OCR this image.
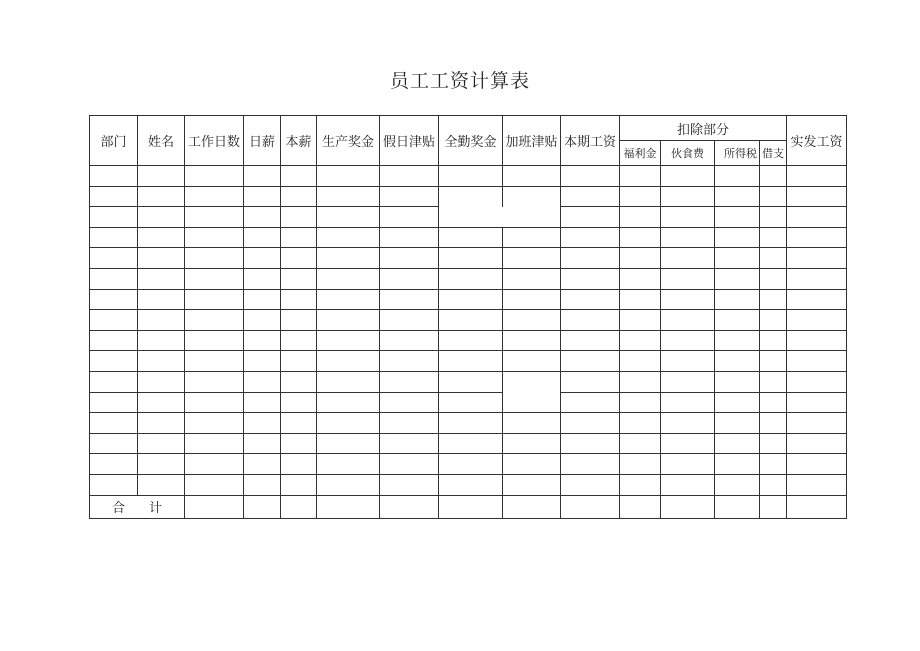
员工工资计算表
部门	姓名	工作日数	日薪	本薪	生产奖金	假日津贴	全勤奖金	加班津贴	本期工资	扣除部分				实发工资
										福利金	伙食费	所得税	借支	

合 计														
